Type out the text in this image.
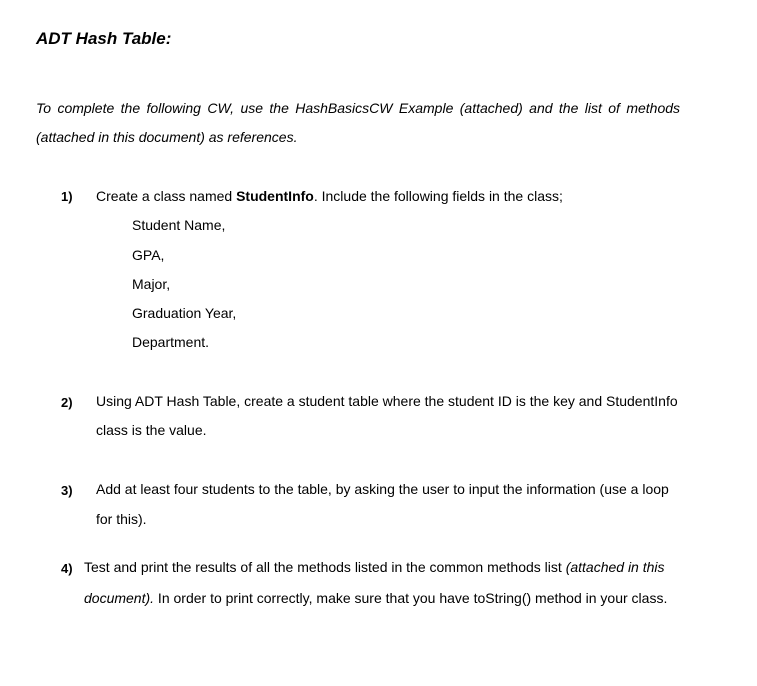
ADT Hash Table:

To complete the following CW, use the HashBasicsCW Example (attached) and the list of methods

(attached in this document) as references.

1) Create a class named StudentInfo. Include the following fields in the class;
Student Name,
GPA,
Major,
Graduation Year,
Department.
2) Using ADT Hash Table, create a student table where the student ID is the key and StudentInfo
class is the value.
3) Add at least four students to the table, by asking the user to input the information (use a loop
for this).
4) Test and print the results of all the methods listed in the common methods list (attached in this
document). In order to print correctly, make sure that you have toString() method in your class.
